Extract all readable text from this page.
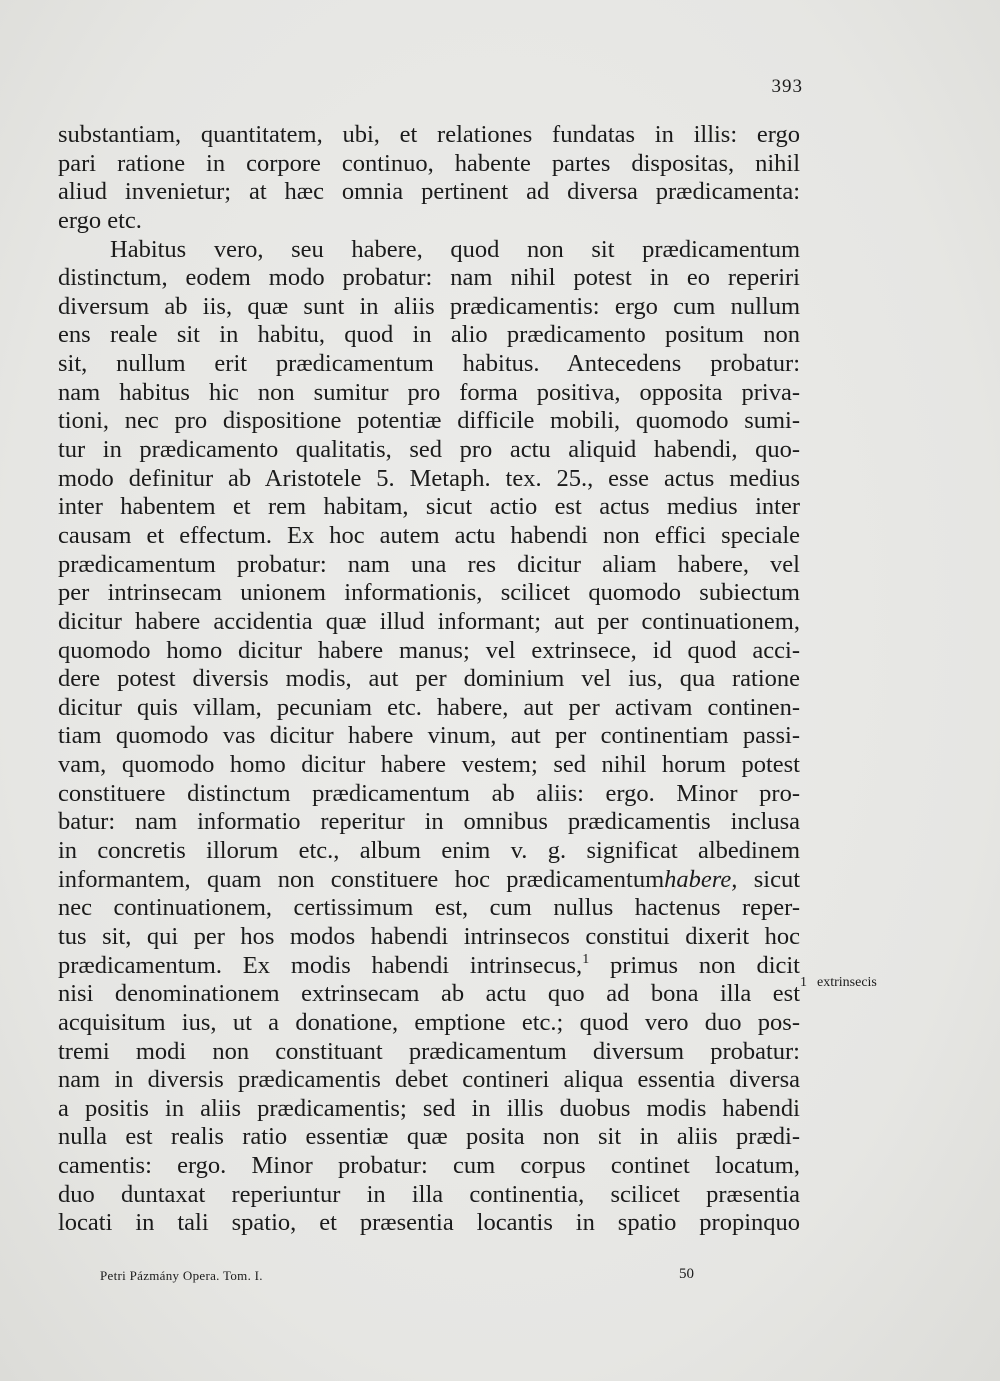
393
substantiam, quantitatem, ubi, et relationes fundatas in illis: ergo
pari ratione in corpore continuo, habente partes dispositas, nihil
aliud invenietur; at hæc omnia pertinent ad diversa prædicamenta:
ergo etc.
Habitus vero, seu habere, quod non sit prædicamentum
distinctum, eodem modo probatur: nam nihil potest in eo reperiri
diversum ab iis, quæ sunt in aliis prædicamentis: ergo cum nullum
ens reale sit in habitu, quod in alio prædicamento positum non
sit, nullum erit prædicamentum habitus. Antecedens probatur:
nam habitus hic non sumitur pro forma positiva, opposita priva-
tioni, nec pro dispositione potentiæ difficile mobili, quomodo sumi-
tur in prædicamento qualitatis, sed pro actu aliquid habendi, quo-
modo definitur ab Aristotele 5. Metaph. tex. 25., esse actus medius
inter habentem et rem habitam, sicut actio est actus medius inter
causam et effectum. Ex hoc autem actu habendi non effici speciale
prædicamentum probatur: nam una res dicitur aliam habere, vel
per intrinsecam unionem informationis, scilicet quomodo subiectum
dicitur habere accidentia quæ illud informant; aut per continuationem,
quomodo homo dicitur habere manus; vel extrinsece, id quod acci-
dere potest diversis modis, aut per dominium vel ius, qua ratione
dicitur quis villam, pecuniam etc. habere, aut per activam continen-
tiam quomodo vas dicitur habere vinum, aut per continentiam passi-
vam, quomodo homo dicitur habere vestem; sed nihil horum potest
constituere distinctum prædicamentum ab aliis: ergo. Minor pro-
batur: nam informatio reperitur in omnibus prædicamentis inclusa
in concretis illorum etc., album enim v. g. significat albedinem
informantem, quam non constituere hoc prædicamentumhabere, sicut
nec continuationem, certissimum est, cum nullus hactenus reper-
tus sit, qui per hos modos habendi intrinsecos constitui dixerit hoc
prædicamentum. Ex modis habendi intrinsecus,$^1$ primus non dicit
nisi denominationem extrinsecam ab actu quo ad bona illa est
acquisitum ius, ut a donatione, emptione etc.; quod vero duo pos-
tremi modi non constituant prædicamentum diversum probatur:
nam in diversis prædicamentis debet contineri aliqua essentia diversa
a positis in aliis prædicamentis; sed in illis duobus modis habendi
nulla est realis ratio essentiæ quæ posita non sit in aliis prædi-
camentis: ergo. Minor probatur: cum corpus continet locatum,
duo duntaxat reperiuntur in illa continentia, scilicet præsentia
locati in tali spatio, et præsentia locantis in spatio propinquo
1 extrinsecis
Petri Pázmány Opera. Tom. I.	50
